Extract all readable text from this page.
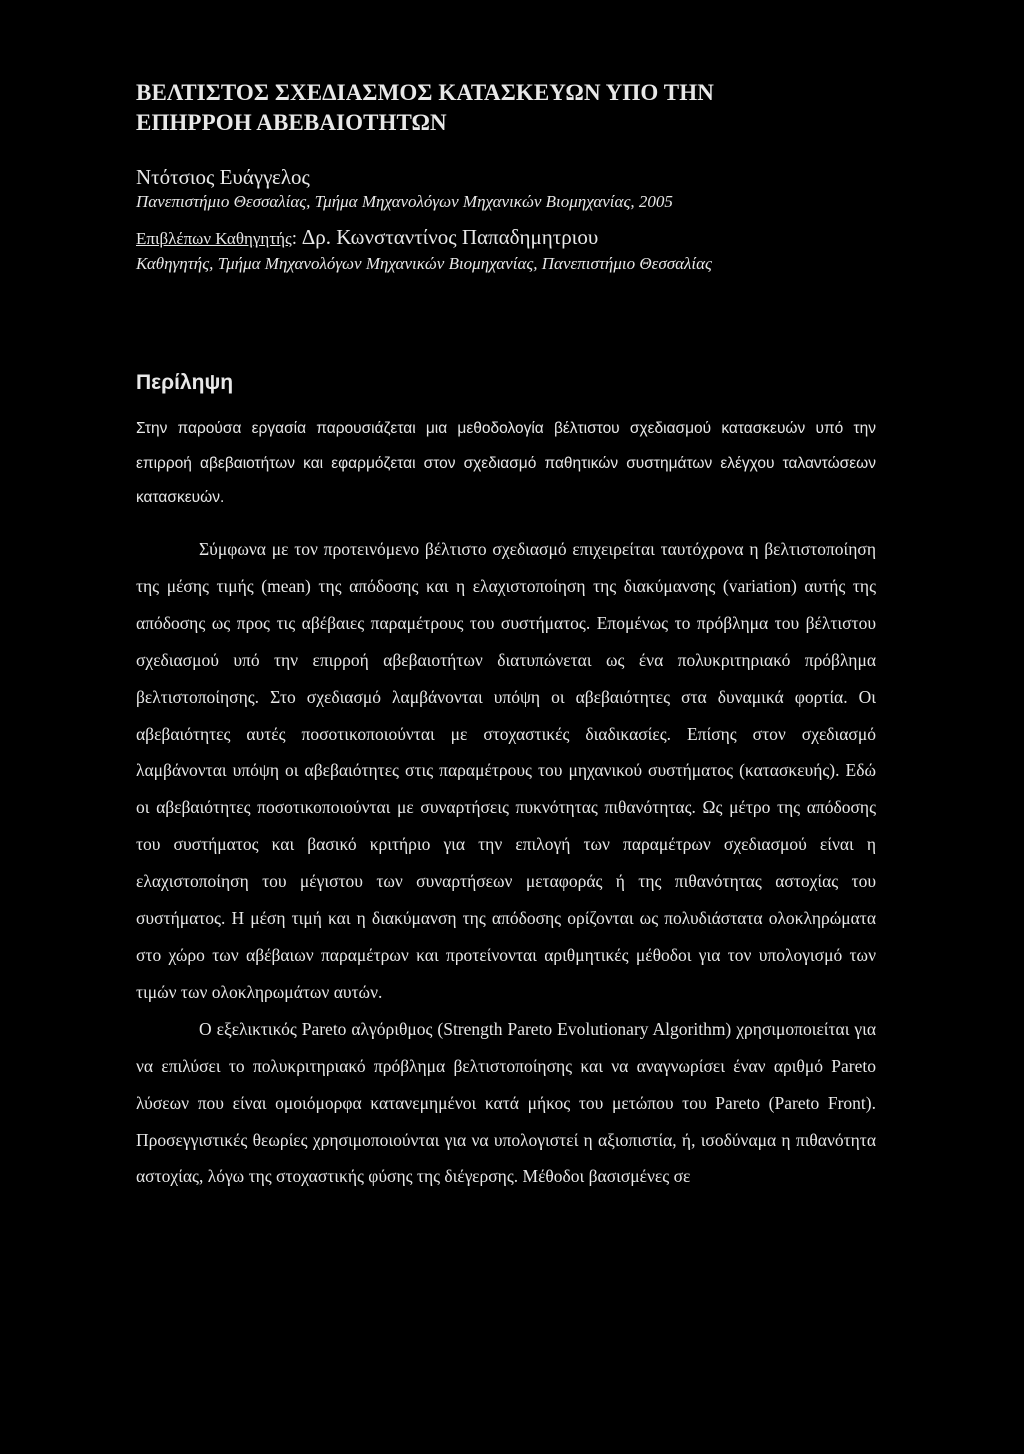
ΒΕΛΤΙΣΤΟΣ ΣΧΕΔΙΑΣΜΟΣ ΚΑΤΑΣΚΕΥΩΝ ΥΠΟ ΤΗΝ
ΕΠΗΡΡΟΗ ΑΒΕΒΑΙΟΤΗΤΩΝ
Ντότσιος Ευάγγελος
Πανεπιστήμιο Θεσσαλίας, Τμήμα Μηχανολόγων Μηχανικών Βιομηχανίας, 2005
Επιβλέπων Καθηγητής: Δρ. Κωνσταντίνος Παπαδημητριου
Καθηγητής, Τμήμα Μηχανολόγων Μηχανικών Βιομηχανίας, Πανεπιστήμιο Θεσσαλίας
Περίληψη

Στην παρούσα εργασία παρουσιάζεται μια μεθοδολογία βέλτιστου σχεδιασμού κατασκευών υπό την επιρροή αβεβαιοτήτων και εφαρμόζεται στον σχεδιασμό παθητικών συστημάτων ελέγχου ταλαντώσεων κατασκευών.

Σύμφωνα με τον προτεινόμενο βέλτιστο σχεδιασμό επιχειρείται ταυτόχρονα η βελτιστοποίηση της μέσης τιμής (mean) της απόδοσης και η ελαχιστοποίηση της διακύμανσης (variation) αυτής της απόδοσης ως προς τις αβέβαιες παραμέτρους του συστήματος. Επομένως το πρόβλημα του βέλτιστου σχεδιασμού υπό την επιρροή αβεβαιοτήτων διατυπώνεται ως ένα πολυκριτηριακό πρόβλημα βελτιστοποίησης. Στο σχεδιασμό λαμβάνονται υπόψη οι αβεβαιότητες στα δυναμικά φορτία. Οι αβεβαιότητες αυτές ποσοτικοποιούνται με στοχαστικές διαδικασίες. Επίσης στον σχεδιασμό λαμβάνονται υπόψη οι αβεβαιότητες στις παραμέτρους του μηχανικού συστήματος (κατασκευής). Εδώ οι αβεβαιότητες ποσοτικοποιούνται με συναρτήσεις πυκνότητας πιθανότητας. Ως μέτρο της απόδοσης του συστήματος και βασικό κριτήριο για την επιλογή των παραμέτρων σχεδιασμού είναι η ελαχιστοποίηση του μέγιστου των συναρτήσεων μεταφοράς ή της πιθανότητας αστοχίας του συστήματος. Η μέση τιμή και η διακύμανση της απόδοσης ορίζονται ως πολυδιάστατα ολοκληρώματα στο χώρο των αβέβαιων παραμέτρων και προτείνονται αριθμητικές μέθοδοι για τον υπολογισμό των τιμών των ολοκληρωμάτων αυτών.

Ο εξελικτικός Pareto αλγόριθμος (Strength Pareto Evolutionary Algorithm) χρησιμοποιείται για να επιλύσει το πολυκριτηριακό πρόβλημα βελτιστοποίησης και να αναγνωρίσει έναν αριθμό Pareto λύσεων που είναι ομοιόμορφα κατανεμημένοι κατά μήκος του μετώπου του Pareto (Pareto Front). Προσεγγιστικές θεωρίες χρησιμοποιούνται για να υπολογιστεί η αξιοπιστία, ή, ισοδύναμα η πιθανότητα αστοχίας, λόγω της στοχαστικής φύσης της διέγερσης. Μέθοδοι βασισμένες σε
